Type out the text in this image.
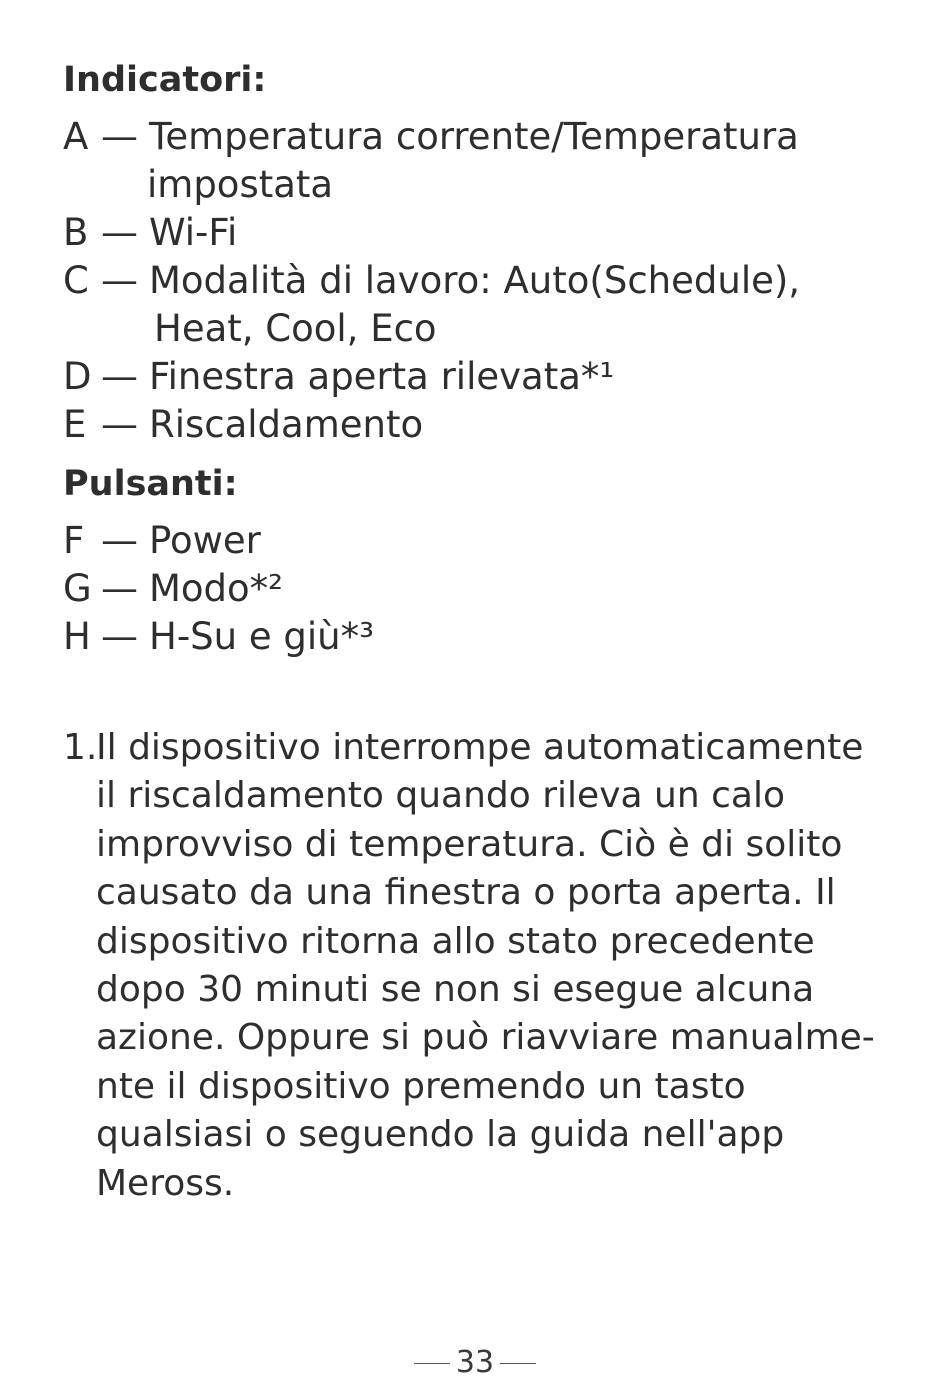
Indicatori:
A — Temperatura corrente/Temperatura
impostata
B — Wi-Fi
C — Modalità di lavoro: Auto(Schedule),
Heat, Cool, Eco
D — Finestra aperta rilevata*¹
E — Riscaldamento
Pulsanti:
F — Power
G — Modo*²
H — H-Su e giù*³
1.
Il dispositivo interrompe automaticamente
il riscaldamento quando rileva un calo
improvviso di temperatura. Ciò è di solito
causato da una finestra o porta aperta. Il
dispositivo ritorna allo stato precedente
dopo 30 minuti se non si esegue alcuna
azione. Oppure si può riavviare manualme-
nte il dispositivo premendo un tasto
qualsiasi o seguendo la guida nell'app
Meross.
33
